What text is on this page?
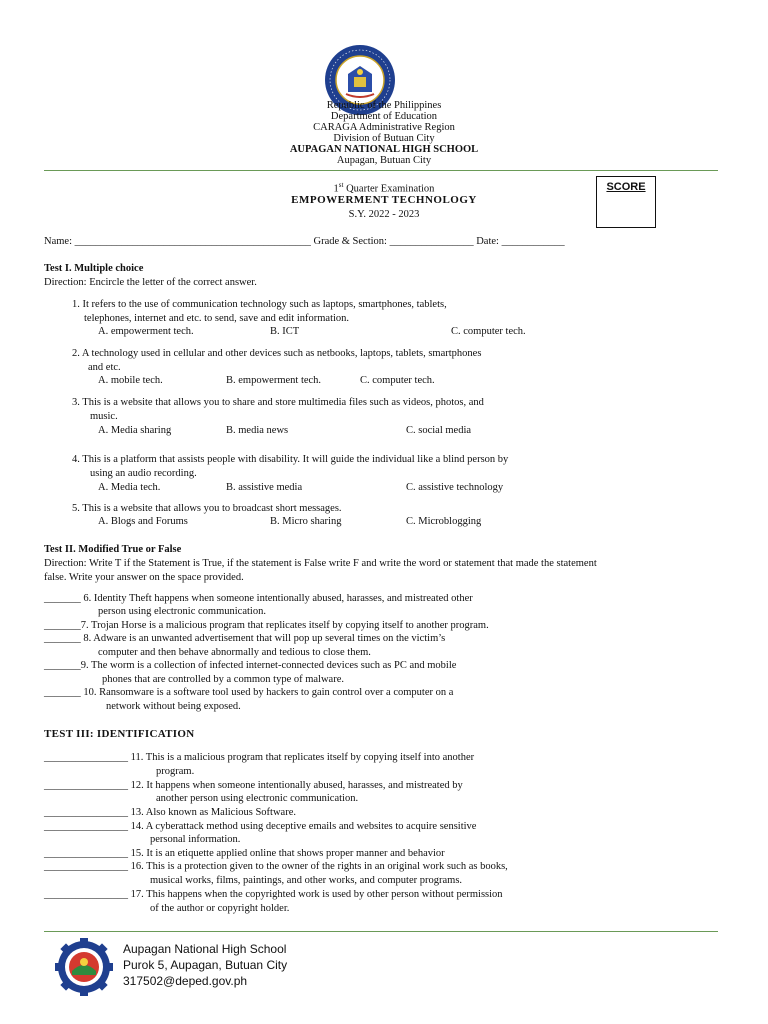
Republic of the Philippines
Department of Education
CARAGA Administrative Region
Division of Butuan City
AUPAGAN NATIONAL HIGH SCHOOL
Aupagan, Butuan City
1st Quarter Examination
EMPOWERMENT TECHNOLOGY
S.Y. 2022 - 2023
SCORE
Name: _____________________________________________ Grade & Section: ________________ Date: ____________
Test I. Multiple choice
Direction: Encircle the letter of the correct answer.
1. It refers to the use of communication technology such as laptops, smartphones, tablets,
telephones, internet and etc. to send, save and edit information.
A. empowerment tech.	B. ICT	C. computer tech.
2. A technology used in cellular and other devices such as netbooks, laptops, tablets, smartphones
and etc.
A. mobile tech.	B. empowerment tech.	C. computer tech.
3. This is a website that allows you to share and store multimedia files such as videos, photos, and
music.
A. Media sharing	B. media news	C. social media
4. This is a platform that assists people with disability. It will guide the individual like a blind person by
using an audio recording.
A. Media tech.	B. assistive media	C. assistive technology
5. This is a website that allows you to broadcast short messages.
A. Blogs and Forums	B. Micro sharing	C. Microblogging
Test II. Modified True or False
Direction: Write T if the Statement is True, if the statement is False write F and write the word or statement that made the statement
false. Write your answer on the space provided.
_______ 6. Identity Theft happens when someone intentionally abused, harasses, and mistreated other
person using electronic communication.
_______7. Trojan Horse is a malicious program that replicates itself by copying itself to another program.
_______ 8. Adware is an unwanted advertisement that will pop up several times on the victim’s
computer and then behave abnormally and tedious to close them.
_______9. The worm is a collection of infected internet-connected devices such as PC and mobile
phones that are controlled by a common type of malware.
_______ 10. Ransomware is a software tool used by hackers to gain control over a computer on a
network without being exposed.
TEST III: IDENTIFICATION
________________ 11. This is a malicious program that replicates itself by copying itself into another
program.
________________ 12. It happens when someone intentionally abused, harasses, and mistreated by
another person using electronic communication.
________________ 13. Also known as Malicious Software.
________________ 14. A cyberattack method using deceptive emails and websites to acquire sensitive
personal information.
________________ 15. It is an etiquette applied online that shows proper manner and behavior
________________ 16. This is a protection given to the owner of the rights in an original work such as books,
musical works, films, paintings, and other works, and computer programs.
________________ 17. This happens when the copyrighted work is used by other person without permission
of the author or copyright holder.
Aupagan National High School
Purok 5, Aupagan, Butuan City
317502@deped.gov.ph
